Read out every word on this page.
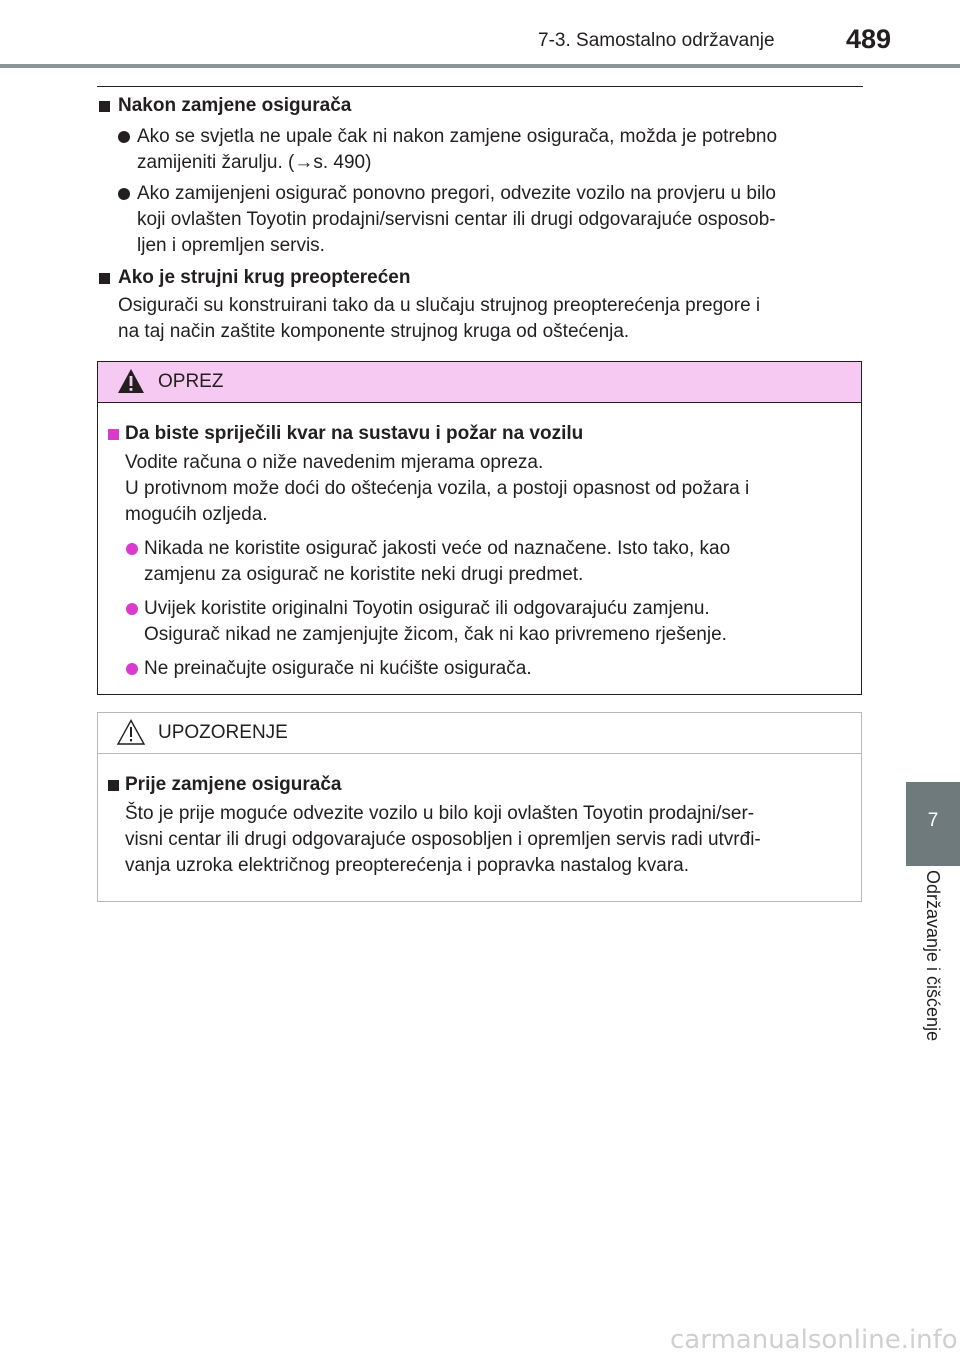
7-3. Samostalno održavanje	489
7
Održavanje i čišćenje

Nakon zamjene osigurača

Ako se svjetla ne upale čak ni nakon zamjene osigurača, možda je potrebno
zamijeniti žarulju. (→s. 490)
Ako zamijenjeni osigurač ponovno pregori, odvezite vozilo na provjeru u bilo
koji ovlašten Toyotin prodajni/servisni centar ili drugi odgovarajuće osposob-
ljen i opremljen servis.

Ako je strujni krug preopterećen

Osigurači su konstruirani tako da u slučaju strujnog preopterećenja pregore i
na taj način zaštite komponente strujnog kruga od oštećenja.
OPREZ

Da biste spriječili kvar na sustavu i požar na vozilu

Vodite računa o niže navedenim mjerama opreza.
U protivnom može doći do oštećenja vozila, a postoji opasnost od požara i
mogućih ozljeda.
Nikada ne koristite osigurač jakosti veće od naznačene. Isto tako, kao
zamjenu za osigurač ne koristite neki drugi predmet.
Uvijek koristite originalni Toyotin osigurač ili odgovarajuću zamjenu.
Osigurač nikad ne zamjenjujte žicom, čak ni kao privremeno rješenje.
Ne preinačujte osigurače ni kućište osigurača.
UPOZORENJE

Prije zamjene osigurača

Što je prije moguće odvezite vozilo u bilo koji ovlašten Toyotin prodajni/ser-
visni centar ili drugi odgovarajuće osposobljen i opremljen servis radi utvrđi-
vanja uzroka električnog preopterećenja i popravka nastalog kvara.
carmanualsonline.info
